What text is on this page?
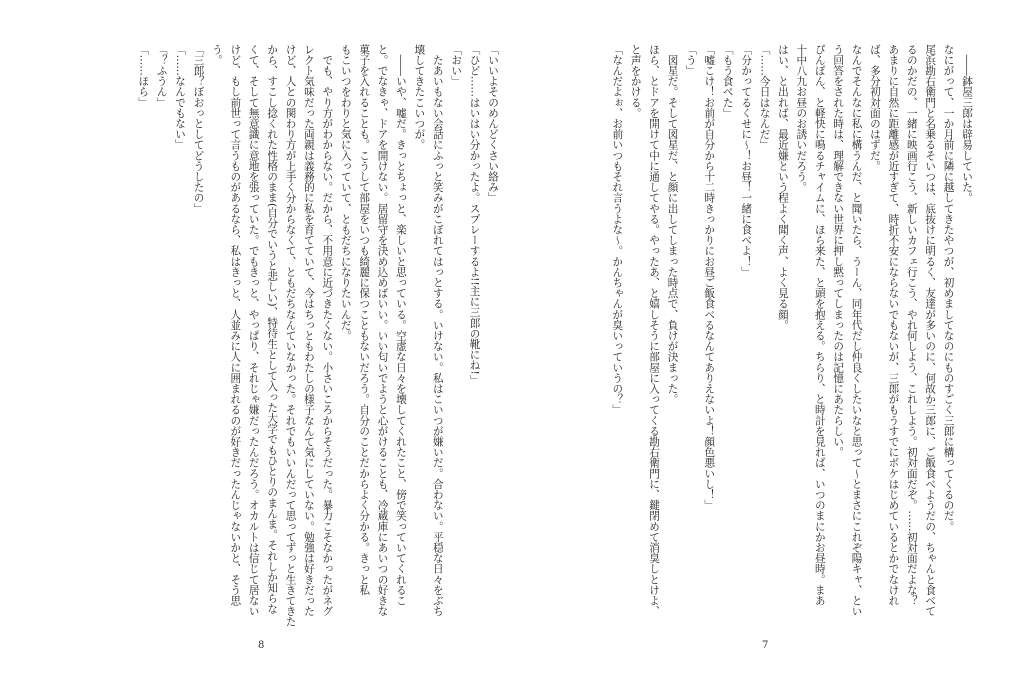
「いいよそのめんどくさい絡み」
「ひど……はいはい分かったよ。スプレーするよ!!主に三郎の靴にね!」
「おい」
　たあいもない会話にふっと笑みがこぼれてはっとする。いけない。私はこいつが嫌いだ。合わない。平穏な日々をぶち
壊してきたこいつが。
　――いや、嘘だ。きっとちょっと、楽しいと思っている。空虚な日々を壊してくれたこと、傍で笑っていてくれるこ
と。でなきゃ、ドアを開けない。居留守を決め込めばいい。いい匂いでようと心がけることも、冷蔵庫にあいつの好きな
菓子を入れることも。こうして部屋をいつも綺麗に保つこともないだろう。自分のことだからよく分かる。きっと私
もこいつをわりと気に入っていて、ともだちになりたいんだ。
　でも、やり方がわからない。だから、不用意に近づきたくない。小さいころからそうだった。暴力こそなかったがネグ
レクト気味だった両親は義務的に私を育てていて、今はちっともわたしの様子なんて気にしていない。勉強は好きだった
けど、人との関わり方が上手く分からなくて、ともだちなんていなかった。それでもいいんだって思ってずっと生きてきた
から、すこし捻くれた性格のまま(自分でいうと悲しい)、特待生として入った大学でもひとりのまんま。それしか知らな
くて、そして無意識に意地を張っていた。でもきっと、やっぱり、それじゃ嫌だったんだろう。オカルトは信じて居ない
けど、もし前世って言うものがあるなら、私はきっと、人並みに人に囲まれるのが好きだったんじゃないかと、そう思
う。
「三郎？ぼおっとしてどうしたの」
「……なんでもない」
「？ふうん」
「……ほら」
8
　――鉢屋三郎は辟易していた。
なにがって、一か月前に隣に越してきたやつが、初めましてなのにものすごく三郎に構ってくるのだ。
尾浜勘右衛門と名乗るそいつは、底抜けに明るく、友達が多いのに、何故か三郎に、ご飯食べようだの、ちゃんと食べて
るのかだの、一緒に映画行こう、新しいカフェ行こう、やれ何しよう、これしよう。初対面だぞ。……初対面だよな？
あまりに自然に距離感が近すぎて、時折不安にならないでもないが、三郎がもうすでにボケはじめているとかでなけれ
ば、多分初対面のはずだ。
なんでそんなに私に構うんだ、と聞いたら、うーん、同年代だし仲良くしたいなと思って～とまさにこれぞ陽キャ、とい
う回答をされた時は、理解できない世界に押し黙ってしまったのは記憶にあたらしい。
ぴんぽん、と軽快に鳴るチャイムに、ほら来た、と頭を抱える。ちらり、と時計を見れば、いつのまにかお昼時。まあ
十中八九お昼のお誘いだろう。
はい、と出れば、最近嫌という程よく聞く声、よく見る顔。
「……今日はなんだ」
「分かってるくせに～！お昼！一緒に食べよ！」
「もう食べた」
「嘘こけ！お前が自分から十二時きっかりにお昼ご飯食べるなんてありえないよ！顔色悪いし！」
「う」
　図星だ。そして図星だ、と顔に出してしまった時点で、負けが決まった。
ほら、とドアを開けて中に通してやる。やったあ、と嬉しそうに部屋に入ってくる勘右衛門に、鍵閉めて消臭しとけよ、
と声をかける。
「なんだよぉ、お前いつもそれ言うよな～。かんちゃんが臭いっていうの？」
7
